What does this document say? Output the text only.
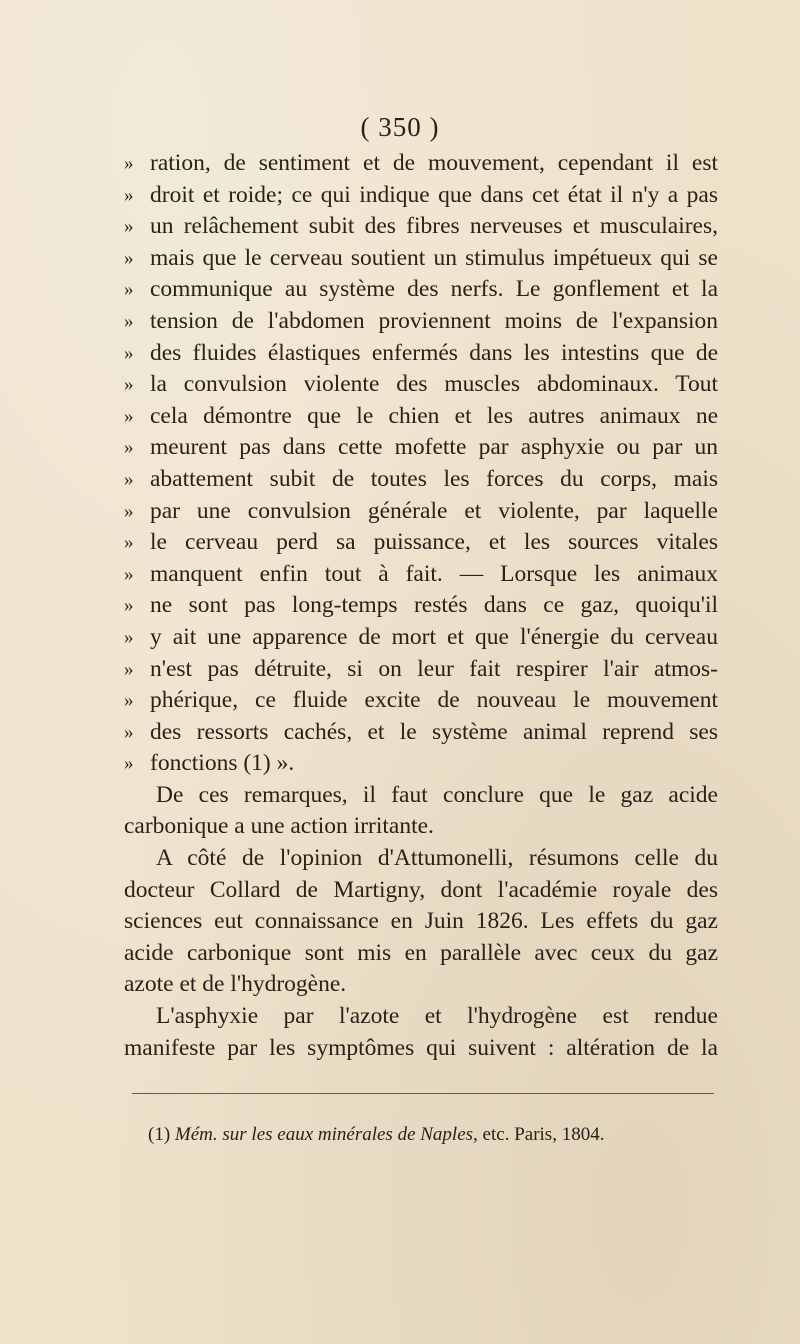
( 350 )
» ration, de sentiment et de mouvement, cependant il est
» droit et roide; ce qui indique que dans cet état il n'y a pas
» un relâchement subit des fibres nerveuses et musculaires,
» mais que le cerveau soutient un stimulus impétueux qui se
» communique au système des nerfs. Le gonflement et la
» tension de l'abdomen proviennent moins de l'expansion
» des fluides élastiques enfermés dans les intestins que de
» la convulsion violente des muscles abdominaux. Tout
» cela démontre que le chien et les autres animaux ne
» meurent pas dans cette mofette par asphyxie ou par un
» abattement subit de toutes les forces du corps, mais
» par une convulsion générale et violente, par laquelle
» le cerveau perd sa puissance, et les sources vitales
» manquent enfin tout à fait. — Lorsque les animaux
» ne sont pas long-temps restés dans ce gaz, quoiqu'il
» y ait une apparence de mort et que l'énergie du cerveau
» n'est pas détruite, si on leur fait respirer l'air atmos-
» phérique, ce fluide excite de nouveau le mouvement
» des ressorts cachés, et le système animal reprend ses
» fonctions (1) ».
De ces remarques, il faut conclure que le gaz acide
carbonique a une action irritante.
A côté de l'opinion d'Attumonelli, résumons celle du
docteur Collard de Martigny, dont l'académie royale des
sciences eut connaissance en Juin 1826. Les effets du gaz
acide carbonique sont mis en parallèle avec ceux du gaz
azote et de l'hydrogène.
L'asphyxie par l'azote et l'hydrogène est rendue
manifeste par les symptômes qui suivent : altération de la
(1) Mém. sur les eaux minérales de Naples, etc. Paris, 1804.
